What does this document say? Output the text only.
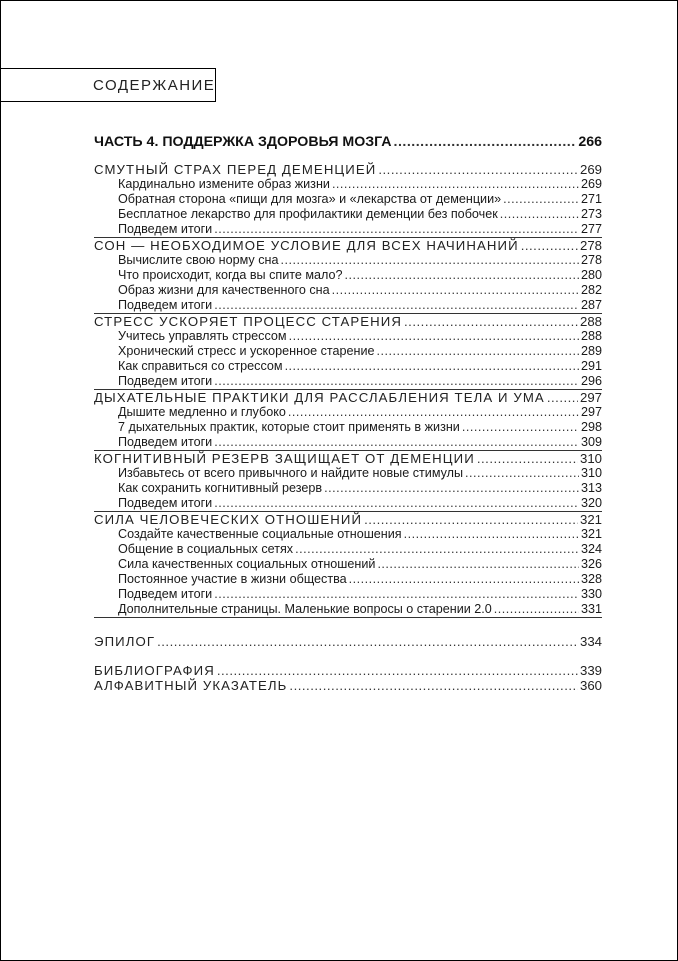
СОДЕРЖАНИЕ
ЧАСТЬ 4. ПОДДЕРЖКА ЗДОРОВЬЯ МОЗГА .....	266
СМУТНЫЙ СТРАХ ПЕРЕД ДЕМЕНЦИЕЙ .....	269
Кардинально измените образ жизни .....	269
Обратная сторона «пищи для мозга» и «лекарства от деменции» .....	271
Бесплатное лекарство для профилактики деменции без побочек .....	273
Подведем итоги .....	277
СОН — НЕОБХОДИМОЕ УСЛОВИЕ ДЛЯ ВСЕХ НАЧИНАНИЙ .....	278
Вычислите свою норму сна .....	278
Что происходит, когда вы спите мало? .....	280
Образ жизни для качественного сна .....	282
Подведем итоги .....	287
СТРЕСС УСКОРЯЕТ ПРОЦЕСС СТАРЕНИЯ .....	288
Учитесь управлять стрессом .....	288
Хронический стресс и ускоренное старение .....	289
Как справиться со стрессом .....	291
Подведем итоги .....	296
ДЫХАТЕЛЬНЫЕ ПРАКТИКИ ДЛЯ РАССЛАБЛЕНИЯ ТЕЛА И УМА .....	297
Дышите медленно и глубоко .....	297
7 дыхательных практик, которые стоит применять в жизни .....	298
Подведем итоги .....	309
КОГНИТИВНЫЙ РЕЗЕРВ ЗАЩИЩАЕТ ОТ ДЕМЕНЦИИ .....	310
Избавьтесь от всего привычного и найдите новые стимулы .....	310
Как сохранить когнитивный резерв .....	313
Подведем итоги .....	320
СИЛА ЧЕЛОВЕЧЕСКИХ ОТНОШЕНИЙ .....	321
Создайте качественные социальные отношения .....	321
Общение в социальных сетях .....	324
Сила качественных социальных отношений .....	326
Постоянное участие в жизни общества .....	328
Подведем итоги .....	330
Дополнительные страницы. Маленькие вопросы о старении 2.0 .....	331
ЭПИЛОГ .....	334
БИБЛИОГРАФИЯ .....	339
АЛФАВИТНЫЙ УКАЗАТЕЛЬ .....	360
